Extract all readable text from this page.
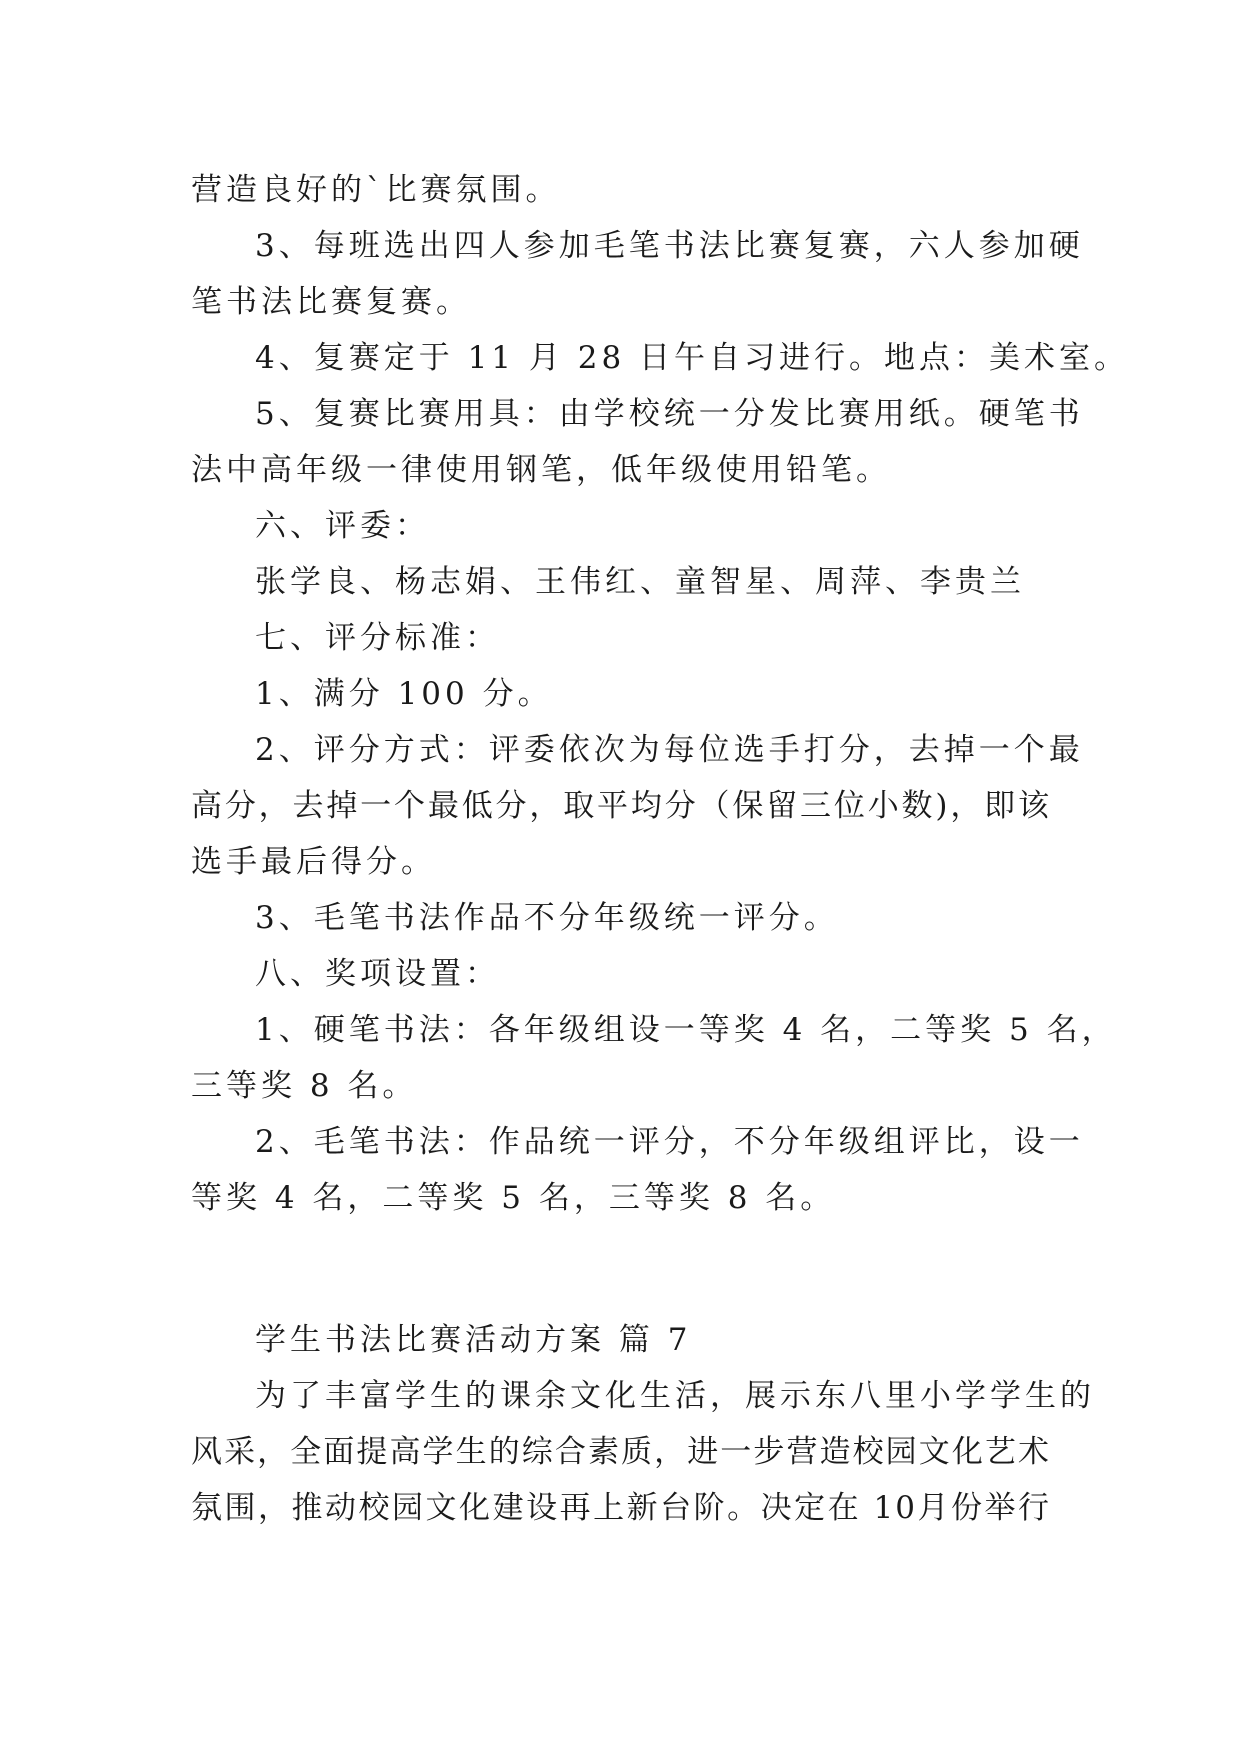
营造良好的`比赛氛围。

3、每班选出四人参加毛笔书法比赛复赛，六人参加硬

笔书法比赛复赛。

4、复赛定于 11 月 28 日午自习进行。地点：美术室。

5、复赛比赛用具：由学校统一分发比赛用纸。硬笔书

法中高年级一律使用钢笔，低年级使用铅笔。

六、评委：

张学良、杨志娟、王伟红、童智星、周萍、李贵兰

七、评分标准：

1、满分 100 分。

2、评分方式：评委依次为每位选手打分，去掉一个最

高分，去掉一个最低分，取平均分（保留三位小数)，即该

选手最后得分。

3、毛笔书法作品不分年级统一评分。

八、奖项设置：

1、硬笔书法：各年级组设一等奖 4 名，二等奖 5 名，

三等奖 8 名。

2、毛笔书法：作品统一评分，不分年级组评比，设一

等奖 4 名，二等奖 5 名，三等奖 8 名。

学生书法比赛活动方案 篇 7

为了丰富学生的课余文化生活，展示东八里小学学生的

风采，全面提高学生的综合素质，进一步营造校园文化艺术

氛围，推动校园文化建设再上新台阶。决定在 10月份举行
